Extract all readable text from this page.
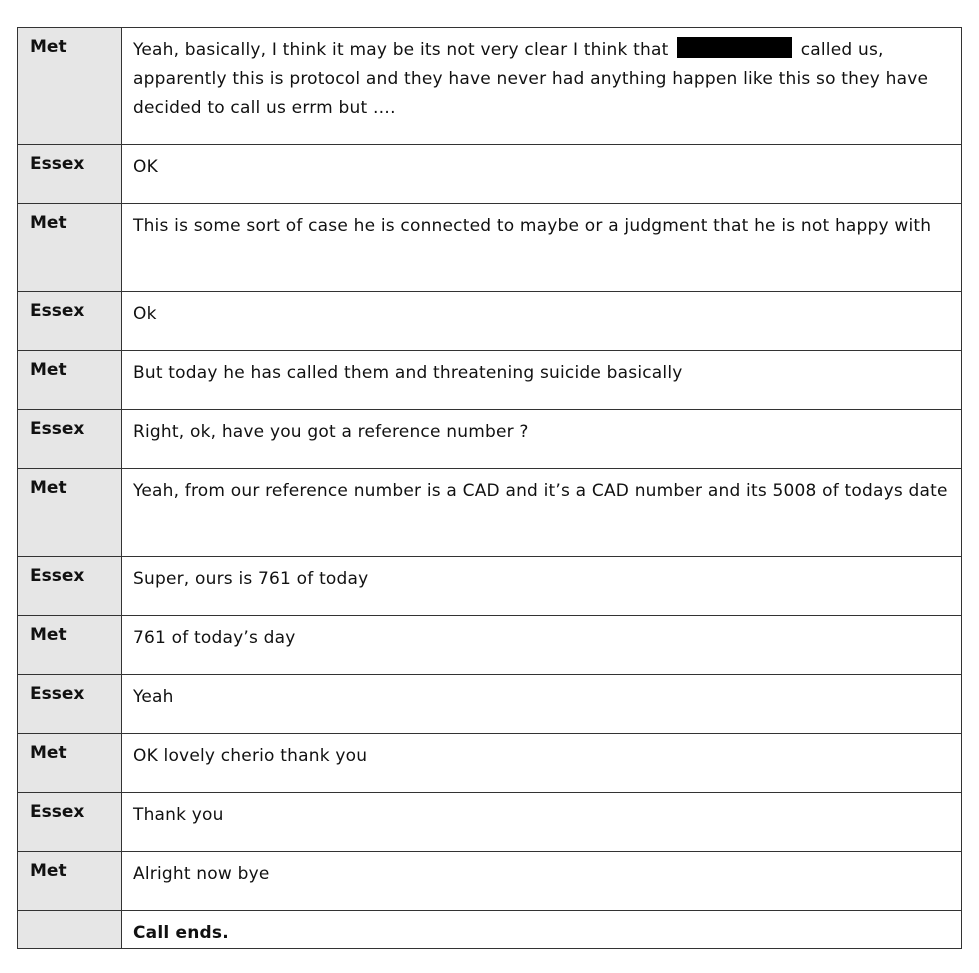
Met	Yeah, basically, I think it may be its not very clear I think that called us, apparently this is protocol and they have never had anything happen like this so they have decided to call us errm but ….

Essex	OK

Met	This is some sort of case he is connected to maybe or a judgment that he is not happy with

Essex	Ok

Met	But today he has called them and threatening suicide basically

Essex	Right, ok, have you got a reference number ?

Met	Yeah, from our reference number is a CAD and it’s a CAD number and its 5008 of todays date

Essex	Super, ours is 761 of today

Met	761 of today’s day

Essex	Yeah

Met	OK lovely cherio thank you

Essex	Thank you

Met	Alright now bye

	Call ends.
